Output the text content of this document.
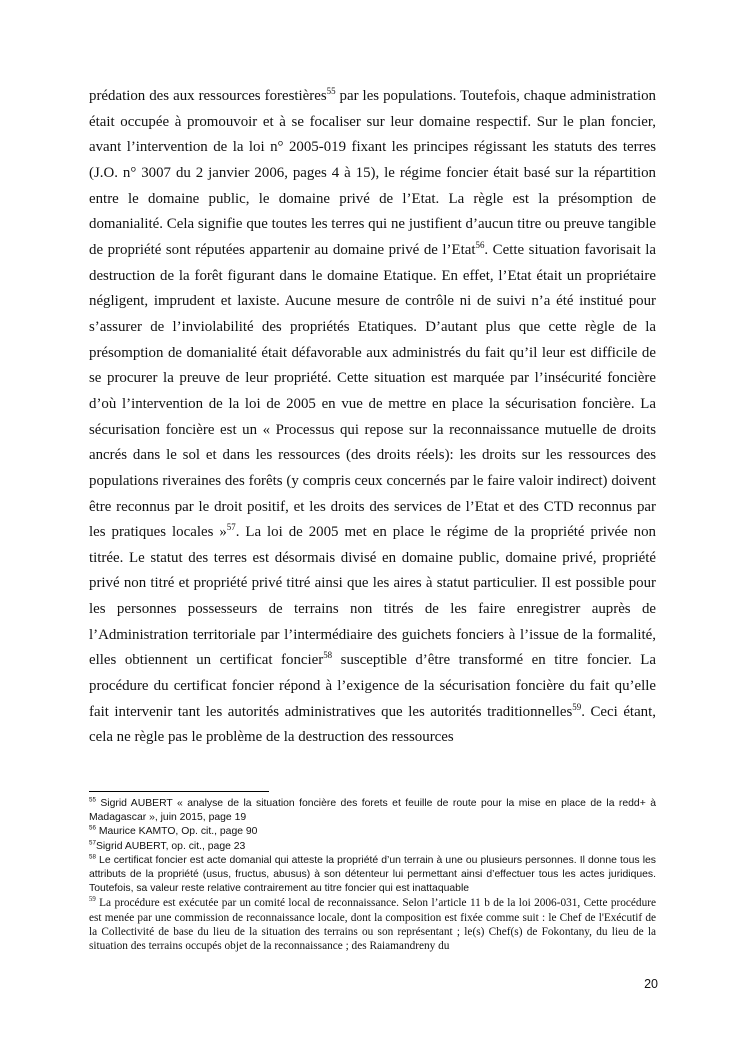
prédation des aux ressources forestières$^{55}$ par les populations. Toutefois, chaque administration était occupée à promouvoir et à se focaliser sur leur domaine respectif. Sur le plan foncier, avant l’intervention de la loi n° 2005-019 fixant les principes régissant les statuts des terres (J.O. n° 3007 du 2 janvier 2006, pages 4 à 15), le régime foncier était basé sur la répartition entre le domaine public, le domaine privé de l’Etat. La règle est la présomption de domanialité. Cela signifie que toutes les terres qui ne justifient d’aucun titre ou preuve tangible de propriété sont réputées appartenir au domaine privé de l’Etat$^{56}$. Cette situation favorisait la destruction de la forêt figurant dans le domaine Etatique. En effet, l’Etat était un propriétaire négligent, imprudent et laxiste. Aucune mesure de contrôle ni de suivi n’a été institué pour s’assurer de l’inviolabilité des propriétés Etatiques. D’autant plus que cette règle de la présomption de domanialité était défavorable aux administrés du fait qu’il leur est difficile de se procurer la preuve de leur propriété. Cette situation est marquée par l’insécurité foncière d’où l’intervention de la loi de 2005 en vue de mettre en place la sécurisation foncière. La sécurisation foncière est un « Processus qui repose sur la reconnaissance mutuelle de droits ancrés dans le sol et dans les ressources (des droits réels): les droits sur les ressources des populations riveraines des forêts (y compris ceux concernés par le faire valoir indirect) doivent être reconnus par le droit positif, et les droits des services de l’Etat et des CTD reconnus par les pratiques locales »$^{57}$. La loi de 2005 met en place le régime de la propriété privée non titrée. Le statut des terres est désormais divisé en domaine public, domaine privé, propriété privé non titré et propriété privé titré ainsi que les aires à statut particulier. Il est possible pour les personnes possesseurs de terrains non titrés de les faire enregistrer auprès de l’Administration territoriale par l’intermédiaire des guichets fonciers à l’issue de la formalité, elles obtiennent un certificat foncier$^{58}$ susceptible d’être transformé en titre foncier. La procédure du certificat foncier répond à l’exigence de la sécurisation foncière du fait qu’elle fait intervenir tant les autorités administratives que les autorités traditionnelles$^{59}$. Ceci étant, cela ne règle pas le problème de la destruction des ressources

$^{55}$ Sigrid AUBERT « analyse de la situation foncière des forets et feuille de route pour la mise en place de la redd+ à Madagascar », juin 2015, page 19

$^{56}$ Maurice KAMTO, Op. cit., page 90

$^{57}$Sigrid AUBERT, op. cit., page 23

$^{58}$ Le certificat foncier est acte domanial qui atteste la propriété d’un terrain à une ou plusieurs personnes. Il donne tous les attributs de la propriété (usus, fructus, abusus) à son détenteur lui permettant ainsi d’effectuer tous les actes juridiques. Toutefois, sa valeur reste relative contrairement au titre foncier qui est inattaquable

$^{59}$ La procédure est exécutée par un comité local de reconnaissance. Selon l’article 11 b de la loi 2006-031, Cette procédure est menée par une commission de reconnaissance locale, dont la composition est fixée comme suit : le Chef de l'Exécutif de la Collectivité de base du lieu de la situation des terrains ou son représentant ; le(s) Chef(s) de Fokontany, du lieu de la situation des terrains occupés objet de la reconnaissance ; des Raiamandreny du

20
